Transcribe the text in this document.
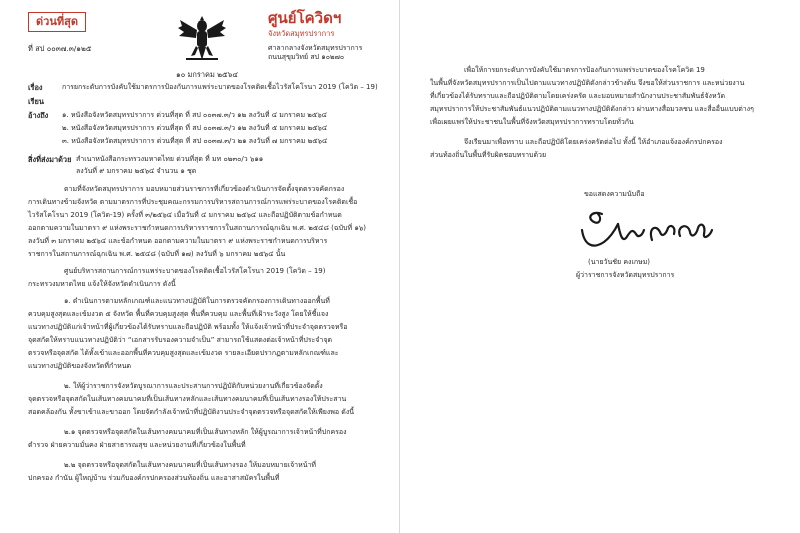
ด่วนที่สุด	ศูนย์โควิดฯ
จังหวัดสมุทรปราการ
ที่ สป ๐๐๓๗.๓/๑๒๕	ศาลากลางจังหวัดสมุทรปราการ
ถนนสุขุมวิทย์ สป ๑๐๒๗๐
๑๐ มกราคม ๒๕๖๔
เรื่อง	การยกระดับการบังคับใช้มาตรการป้องกันการแพร่ระบาดของโรคติดเชื้อไวรัสโคโรนา 2019 (โควิด – 19)
เรียน
อ้างถึง ๑. หนังสือจังหวัดสมุทรปราการ ด่วนที่สุด ที่ สป ๐๐๓๗.๓/ว ๑๒ ลงวันที่ ๔ มกราคม ๒๕๖๔
๒. หนังสือจังหวัดสมุทรปราการ ด่วนที่สุด ที่ สป ๐๐๓๗.๓/ว ๑๒ ลงวันที่ ๕ มกราคม ๒๕๖๔
๓. หนังสือจังหวัดสมุทรปราการ ด่วนที่สุด ที่ สป ๐๐๓๗.๓/ว ๒๑ ลงวันที่ ๗ มกราคม ๒๕๖๔
สิ่งที่ส่งมาด้วย สำเนาหนังสือกระทรวงมหาดไทย ด่วนที่สุด ที่ มท ๐๒๓๐/ว ๖๑๑
ลงวันที่ ๙ มกราคม ๒๕๖๔ จำนวน ๑ ชุด
ตามที่จังหวัดสมุทรปราการ มอบหมายส่วนราชการที่เกี่ยวข้องดำเนินการจัดตั้งจุดตรวจคัดกรอง
การเดินทางข้ามจังหวัด ตามมาตรการที่ประชุมคณะกรรมการบริหารสถานการณ์การแพร่ระบาดของโรคติดเชื้อ
ไวรัสโคโรนา 2019 (โควิด-19) ครั้งที่ ๓/๒๕๖๔ เมื่อวันที่ ๔ มกราคม ๒๕๖๔ และถือปฏิบัติตามข้อกำหนด
ออกตามความในมาตรา ๙ แห่งพระราชกำหนดการบริหารราชการในสถานการณ์ฉุกเฉิน พ.ศ. ๒๕๔๘ (ฉบับที่ ๑๖)
ลงวันที่ ๓ มกราคม ๒๕๖๔ และข้อกำหนด ออกตามความในมาตรา ๙ แห่งพระราชกำหนดการบริหาร
ราชการในสถานการณ์ฉุกเฉิน พ.ศ. ๒๕๔๘ (ฉบับที่ ๑๗) ลงวันที่ ๖ มกราคม ๒๕๖๔ นั้น
ศูนย์บริหารสถานการณ์การแพร่ระบาดของโรคติดเชื้อไวรัสโคโรนา 2019 (โควิด – 19)
กระทรวงมหาดไทย แจ้งให้จังหวัดดำเนินการ ดังนี้
๑. ดำเนินการตามหลักเกณฑ์และแนวทางปฏิบัติในการตรวจคัดกรองการเดินทางออกพื้นที่
ควบคุมสูงสุดและเข้มงวด ๕ จังหวัด พื้นที่ควบคุมสูงสุด พื้นที่ควบคุม และพื้นที่เฝ้าระวังสูง โดยให้ชี้แจง
แนวทางปฏิบัติแก่เจ้าหน้าที่ผู้เกี่ยวข้องได้รับทราบและถือปฏิบัติ พร้อมทั้ง ให้แจ้งเจ้าหน้าที่ประจำจุดตรวจหรือ
จุดสกัดให้ทราบแนวทางปฏิบัติว่า “เอกสารรับรองความจำเป็น” สามารถใช้แสดงต่อเจ้าหน้าที่ประจำจุด
ตรวจหรือจุดสกัด ได้ทั้งเข้าและออกพื้นที่ควบคุมสูงสุดและเข้มงวด รายละเอียดปรากฏตามหลักเกณฑ์และ
แนวทางปฏิบัติของจังหวัดที่กำหนด
๒. ให้ผู้ว่าราชการจังหวัดบูรณาการและประสานการปฏิบัติกับหน่วยงานที่เกี่ยวข้องจัดตั้ง
จุดตรวจหรือจุดสกัดในเส้นทางคมนาคมที่เป็นเส้นทางหลักและเส้นทางคมนาคมที่เป็นเส้นทางรองให้ประสาน
สอดคล้องกัน ทั้งขาเข้าและขาออก โดยจัดกำลังเจ้าหน้าที่ปฏิบัติงานประจำจุดตรวจหรือจุดสกัดให้เพียงพอ ดังนี้
๒.๑ จุดตรวจหรือจุดสกัดในเส้นทางคมนาคมที่เป็นเส้นทางหลัก ให้ผู้บูรณาการเจ้าหน้าที่ปกครอง
ตำรวจ ฝ่ายความมั่นคง ฝ่ายสาธารณสุข และหน่วยงานที่เกี่ยวข้องในพื้นที่
๒.๒ จุดตรวจหรือจุดสกัดในเส้นทางคมนาคมที่เป็นเส้นทางรอง ให้มอบหมายเจ้าหน้าที่
ปกครอง กำนัน ผู้ใหญ่บ้าน ร่วมกับองค์กรปกครองส่วนท้องถิ่น และอาสาสมัครในพื้นที่
เพื่อให้การยกระดับการบังคับใช้มาตรการป้องกันการแพร่ระบาดของโรคโควิด 19
ในพื้นที่จังหวัดสมุทรปราการเป็นไปตามแนวทางปฏิบัติดังกล่าวข้างต้น จึงขอให้ส่วนราชการ และหน่วยงาน
ที่เกี่ยวข้องได้รับทราบและถือปฏิบัติตามโดยเคร่งครัด และมอบหมายสำนักงานประชาสัมพันธ์จังหวัด
สมุทรปราการให้ประชาสัมพันธ์แนวปฏิบัติตามแนวทางปฏิบัติดังกล่าว ผ่านทางสื่อมวลชน และสื่ออื่นแบบต่างๆ
เพื่อเผยแพร่ให้ประชาชนในพื้นที่จังหวัดสมุทรปราการทราบโดยทั่วกัน
จึงเรียนมาเพื่อทราบ และถือปฏิบัติโดยเคร่งครัดต่อไป ทั้งนี้ ให้อำเภอแจ้งองค์กรปกครอง
ส่วนท้องถิ่นในพื้นที่รับผิดชอบทราบด้วย
ขอแสดงความนับถือ
(นายวันชัย คงเกษม)
ผู้ว่าราชการจังหวัดสมุทรปราการ
